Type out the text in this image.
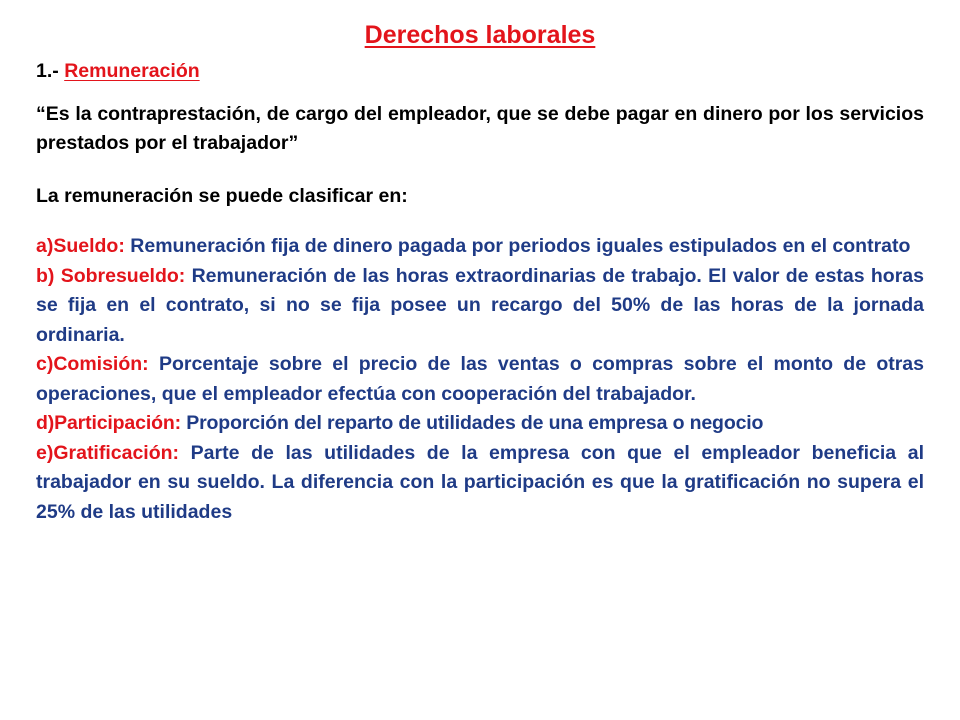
Derechos laborales

1.- Remuneración

“Es la contraprestación, de cargo del empleador, que se debe pagar en dinero por los servicios prestados por el trabajador”

La remuneración se puede clasificar en:

a)Sueldo: Remuneración fija de dinero pagada por periodos iguales estipulados en el contrato

b) Sobresueldo: Remuneración de las horas extraordinarias de trabajo. El valor de estas horas se fija en el contrato, si no se fija posee un recargo del 50% de las horas de la jornada ordinaria.

c)Comisión: Porcentaje sobre el precio de las ventas o compras sobre el monto de otras operaciones, que el empleador efectúa con cooperación del trabajador.

d)Participación: Proporción del reparto de utilidades de una empresa o negocio

e)Gratificación: Parte de las utilidades de la empresa con que el empleador beneficia al trabajador en su sueldo. La diferencia con la participación es que la gratificación no supera el 25% de las utilidades
